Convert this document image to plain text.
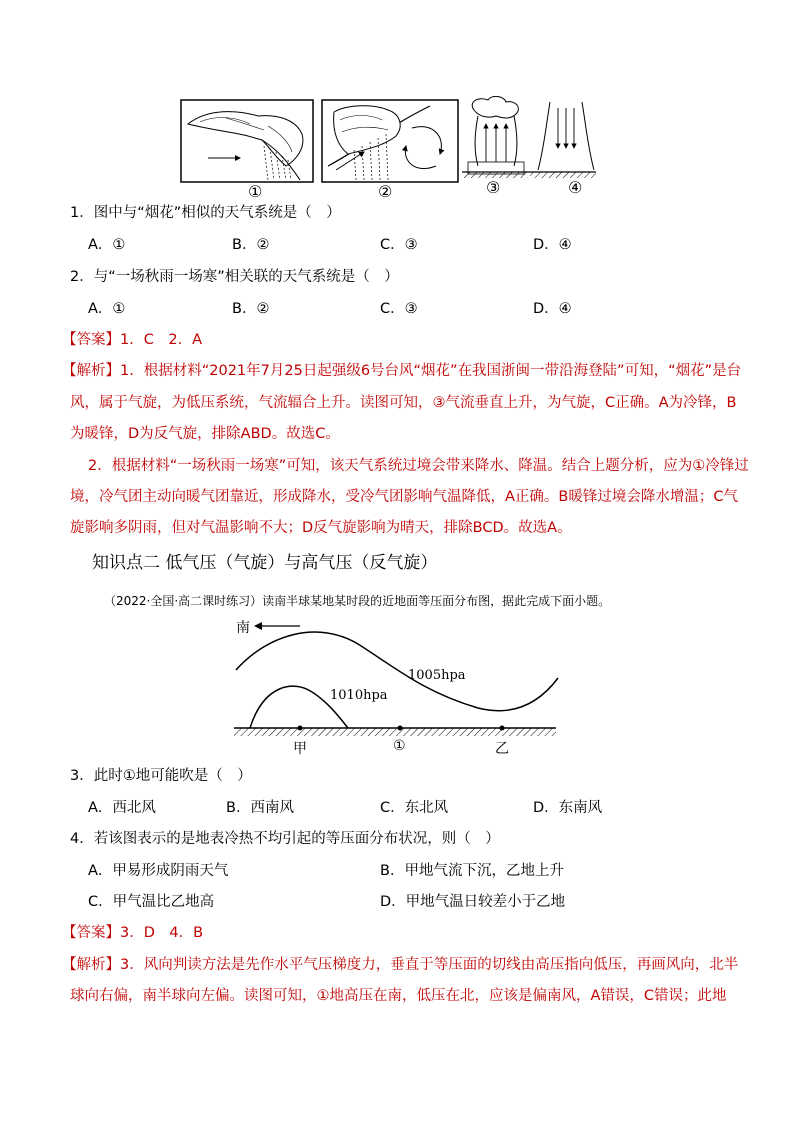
①	②	③	④
1．图中与“烟花”相似的天气系统是（　）
A．①	B．②	C．③	D．④
2．与“一场秋雨一场寒”相关联的天气系统是（　）
A．①	B．②	C．③	D．④
【答案】1．C　2．A
【解析】1．根据材料“2021年7月25日起强级6号台风“烟花”在我国浙闽一带沿海登陆”可知，“烟花”是台
风，属于气旋，为低压系统，气流辐合上升。读图可知，③气流垂直上升，为气旋，C正确。A为冷锋，B
为暖锋，D为反气旋，排除ABD。故选C。
2．根据材料“一场秋雨一场寒”可知，该天气系统过境会带来降水、降温。结合上题分析，应为①冷锋过
境，冷气团主动向暖气团靠近，形成降水，受冷气团影响气温降低，A正确。B暖锋过境会降水增温；C气
旋影响多阴雨，但对气温影响不大；D反气旋影响为晴天，排除BCD。故选A。
知识点二 低气压（气旋）与高气压（反气旋）
（2022·全国·高二课时练习）读南半球某地某时段的近地面等压面分布图，据此完成下面小题。
南
1005hpa
1010hpa
甲	①	乙
3．此时①地可能吹是（　）
A．西北风	B．西南风	C．东北风	D．东南风
4．若该图表示的是地表冷热不均引起的等压面分布状况，则（　）
A．甲易形成阴雨天气	B．甲地气流下沉，乙地上升
C．甲气温比乙地高	D．甲地气温日较差小于乙地
【答案】3．D　4．B
【解析】3．风向判读方法是先作水平气压梯度力，垂直于等压面的切线由高压指向低压，再画风向，北半
球向右偏，南半球向左偏。读图可知，①地高压在南，低压在北，应该是偏南风，A错误，C错误；此地
